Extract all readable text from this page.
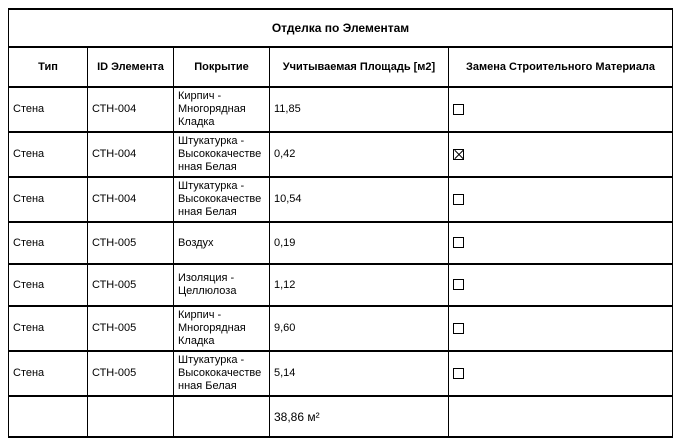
Отделка по Элементам				
Тип	ID Элемента	Покрытие	Учитываемая Площадь [м2]	Замена Строительного Материала
Стена	СТН-004	Кирпич - Многорядная Кладка	11,85	
Стена	СТН-004	Штукатурка - Высококачественная Белая	0,42	
Стена	СТН-004	Штукатурка - Высококачественная Белая	10,54	
Стена	СТН-005	Воздух	0,19	
Стена	СТН-005	Изоляция - Целлюлоза	1,12	
Стена	СТН-005	Кирпич - Многорядная Кладка	9,60	
Стена	СТН-005	Штукатурка - Высококачественная Белая	5,14	
			38,86 м²	
